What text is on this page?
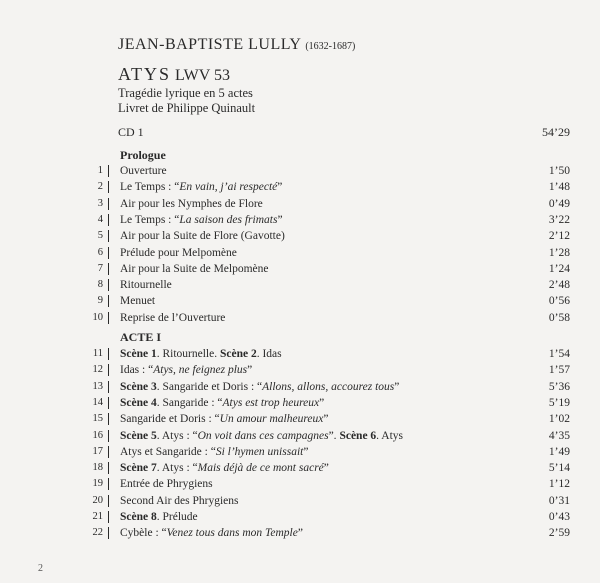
JEAN-BAPTISTE LULLY (1632-1687)
ATYS LWV 53
Tragédie lyrique en 5 actes
Livret de Philippe Quinault
CD 1	54’29
Prologue
1 Ouverture	1’50
2 Le Temps : “En vain, j’ai respecté”	1’48
3 Air pour les Nymphes de Flore	0’49
4 Le Temps : “La saison des frimats”	3’22
5 Air pour la Suite de Flore (Gavotte)	2’12
6 Prélude pour Melpomène	1’28
7 Air pour la Suite de Melpomène	1’24
8 Ritournelle	2’48
9 Menuet	0’56
10 Reprise de l’Ouverture	0’58
ACTE I
11 Scène 1. Ritournelle. Scène 2. Idas	1’54
12 Idas : “Atys, ne feignez plus”	1’57
13 Scène 3. Sangaride et Doris : “Allons, allons, accourez tous”	5’36
14 Scène 4. Sangaride : “Atys est trop heureux”	5’19
15 Sangaride et Doris : “Un amour malheureux”	1’02
16 Scène 5. Atys : “On voit dans ces campagnes”. Scène 6. Atys	4’35
17 Atys et Sangaride : “Si l’hymen unissait”	1’49
18 Scène 7. Atys : “Mais déjà de ce mont sacré”	5’14
19 Entrée de Phrygiens	1’12
20 Second Air des Phrygiens	0’31
21 Scène 8. Prélude	0’43
22 Cybèle : “Venez tous dans mon Temple”	2’59
2
